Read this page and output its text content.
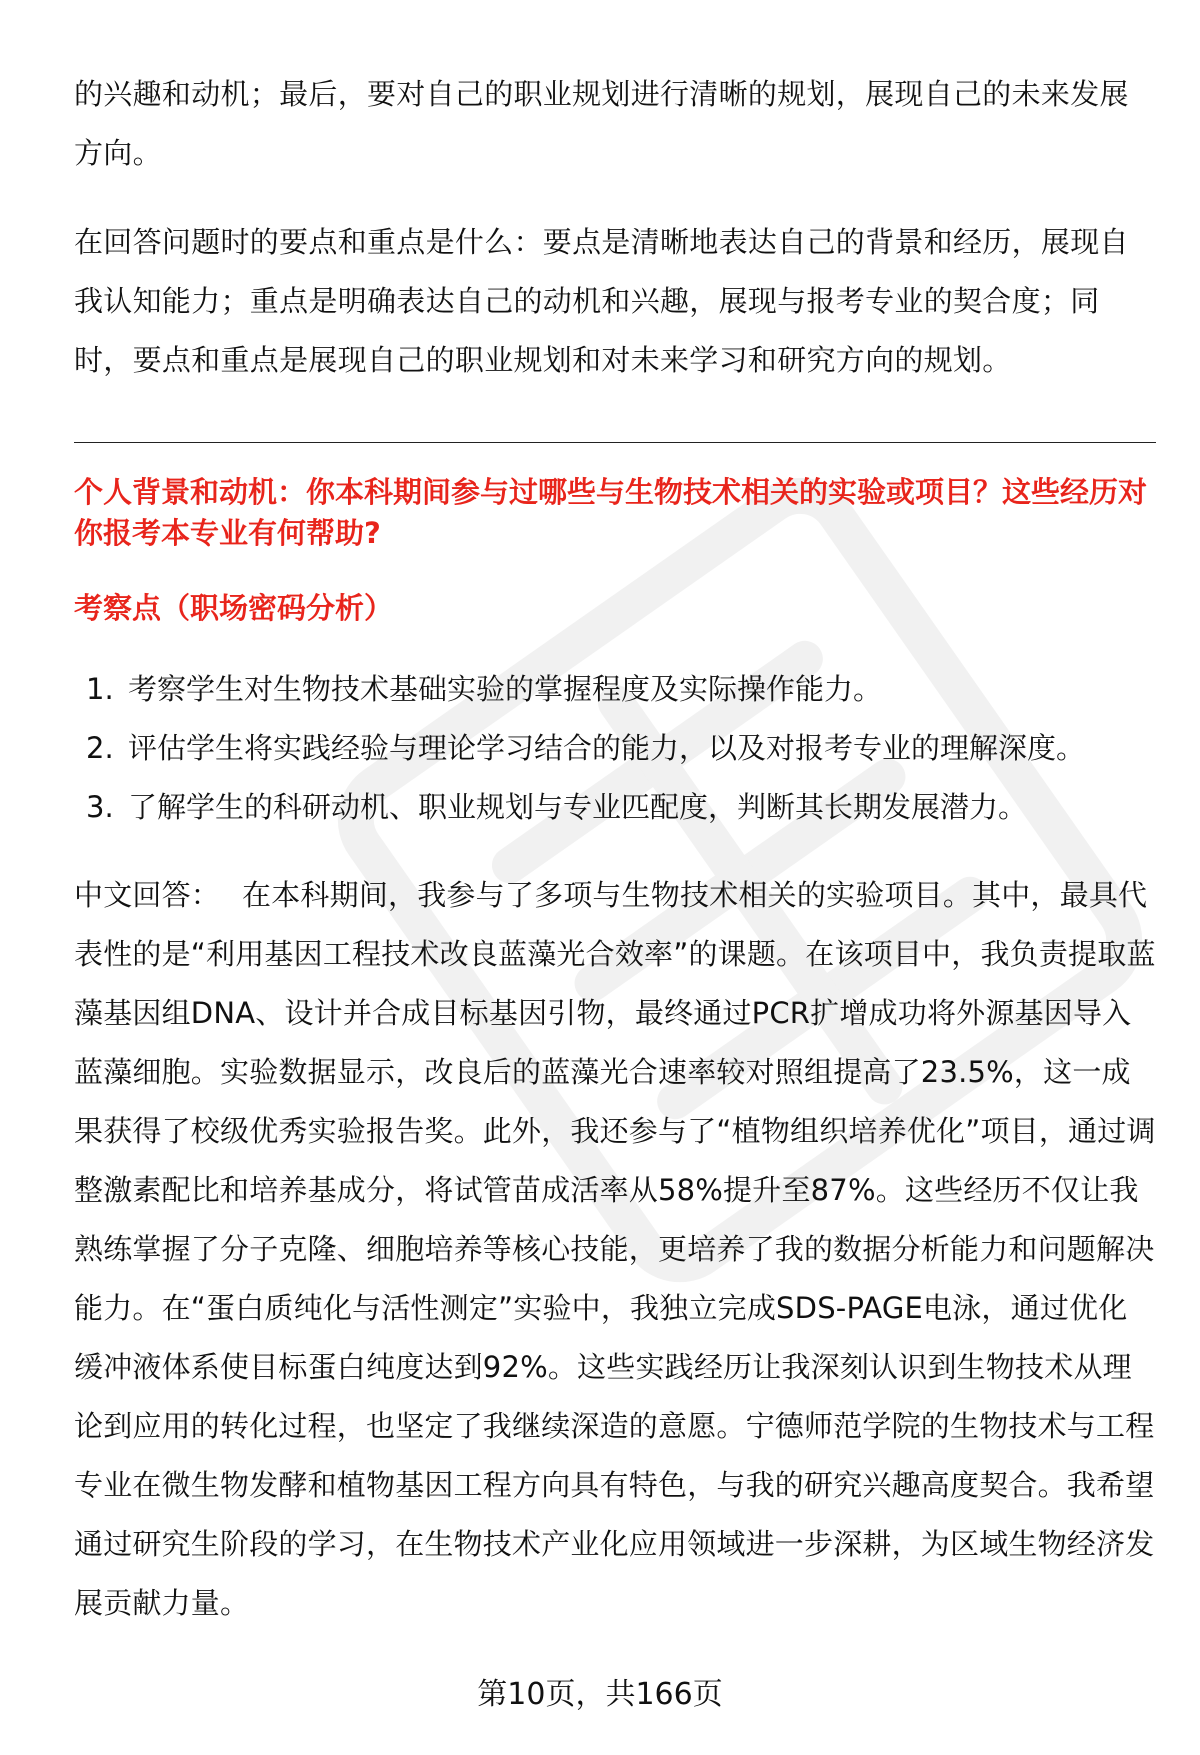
的兴趣和动机；最后，要对自己的职业规划进行清晰的规划，展现自己的未来发展方向。

在回答问题时的要点和重点是什么：要点是清晰地表达自己的背景和经历，展现自我认知能力；重点是明确表达自己的动机和兴趣，展现与报考专业的契合度；同时，要点和重点是展现自己的职业规划和对未来学习和研究方向的规划。

个人背景和动机：你本科期间参与过哪些与生物技术相关的实验或项目？这些经历对你报考本专业有何帮助?

考察点（职场密码分析）

1. 考察学生对生物技术基础实验的掌握程度及实际操作能力。
2. 评估学生将实践经验与理论学习结合的能力，以及对报考专业的理解深度。
3. 了解学生的科研动机、职业规划与专业匹配度，判断其长期发展潜力。

中文回答： 在本科期间，我参与了多项与生物技术相关的实验项目。其中，最具代表性的是“利用基因工程技术改良蓝藻光合效率”的课题。在该项目中，我负责提取蓝藻基因组DNA、设计并合成目标基因引物，最终通过PCR扩增成功将外源基因导入蓝藻细胞。实验数据显示，改良后的蓝藻光合速率较对照组提高了23.5%，这一成果获得了校级优秀实验报告奖。此外，我还参与了“植物组织培养优化”项目，通过调整激素配比和培养基成分，将试管苗成活率从58%提升至87%。这些经历不仅让我熟练掌握了分子克隆、细胞培养等核心技能，更培养了我的数据分析能力和问题解决能力。在“蛋白质纯化与活性测定”实验中，我独立完成SDS-PAGE电泳，通过优化缓冲液体系使目标蛋白纯度达到92%。这些实践经历让我深刻认识到生物技术从理论到应用的转化过程，也坚定了我继续深造的意愿。宁德师范学院的生物技术与工程专业在微生物发酵和植物基因工程方向具有特色，与我的研究兴趣高度契合。我希望通过研究生阶段的学习，在生物技术产业化应用领域进一步深耕，为区域生物经济发展贡献力量。

第10页，共166页
